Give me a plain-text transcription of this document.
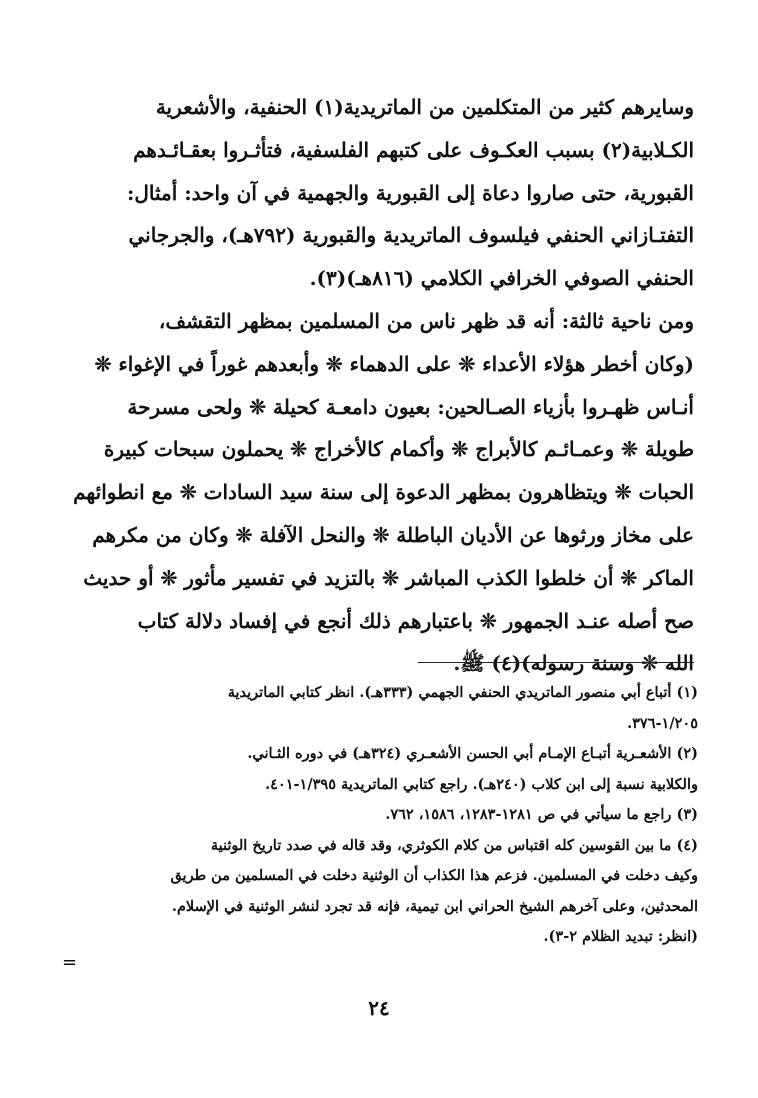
وسايرهم كثير من المتكلمين من الماتريدية(١) الحنفية، والأشعرية

الكـلابية(٢) بسبب العكـوف على كتبهم الفلسفية، فتأثـروا بعقـائـدهم

القبورية، حتى صاروا دعاة إلى القبورية والجهمية في آن واحد: أمثال:

التفتـازاني الحنفي فيلسوف الماتريدية والقبورية (٧٩٢هـ)، والجرجاني

الحنفي الصوفي الخرافي الكلامي (٨١٦هـ)(٣).

ومن ناحية ثالثة: أنه قد ظهر ناس من المسلمين بمظهر التقشف،

(وكان أخطر هؤلاء الأعداء ❊ على الدهماء ❊ وأبعدهم غوراً في الإغواء ❊

أنـاس ظهـروا بأزياء الصـالحين: بعيون دامعـة كحيلة ❊ ولحى مسرحة

طويلة ❊ وعمـائـم كالأبراج ❊ وأكمام كالأخراج ❊ يحملون سبحات كبيرة

الحبات ❊ ويتظاهرون بمظهر الدعوة إلى سنة سيد السادات ❊ مع انطوائهم

على مخاز ورثوها عن الأديان الباطلة ❊ والنحل الآفلة ❊ وكان من مكرهم

الماكر ❊ أن خلطوا الكذب المباشر ❊ بالتزيد في تفسير مأثور ❊ أو حديث

صح أصله عنـد الجمهور ❊ باعتبارهم ذلك أنجع في إفساد دلالة كتاب

الله ❊ وسنة رسوله)(٤) ﷺ.

(١) أتباع أبي منصور الماتريدي الحنفي الجهمي (٣٣٣هـ). انظر كتابي الماتريدية

١/٢٠٥-٣٧٦.

(٢) الأشعـرية أتبـاع الإمـام أبي الحسن الأشعـري (٣٢٤هـ) في دوره الثـاني.

والكلابية نسبة إلى ابن كلاب (٢٤٠هـ). راجع كتابي الماتريدية ١/٣٩٥-٤٠١.

(٣) راجع ما سيأتي في ص ١٢٨١-١٢٨٣، ١٥٨٦، ٧٦٢.

(٤) ما بين القوسين كله اقتباس من كلام الكوثري، وقد قاله في صدد تاريخ الوثنية

وكيف دخلت في المسلمين. فزعم هذا الكذاب أن الوثنية دخلت في المسلمين من طريق

المحدثين، وعلى آخرهم الشيخ الحراني ابن تيمية، فإنه قد تجرد لنشر الوثنية في الإسلام.

(انظر: تبديد الظلام ٢-٣).

=
٢٤
